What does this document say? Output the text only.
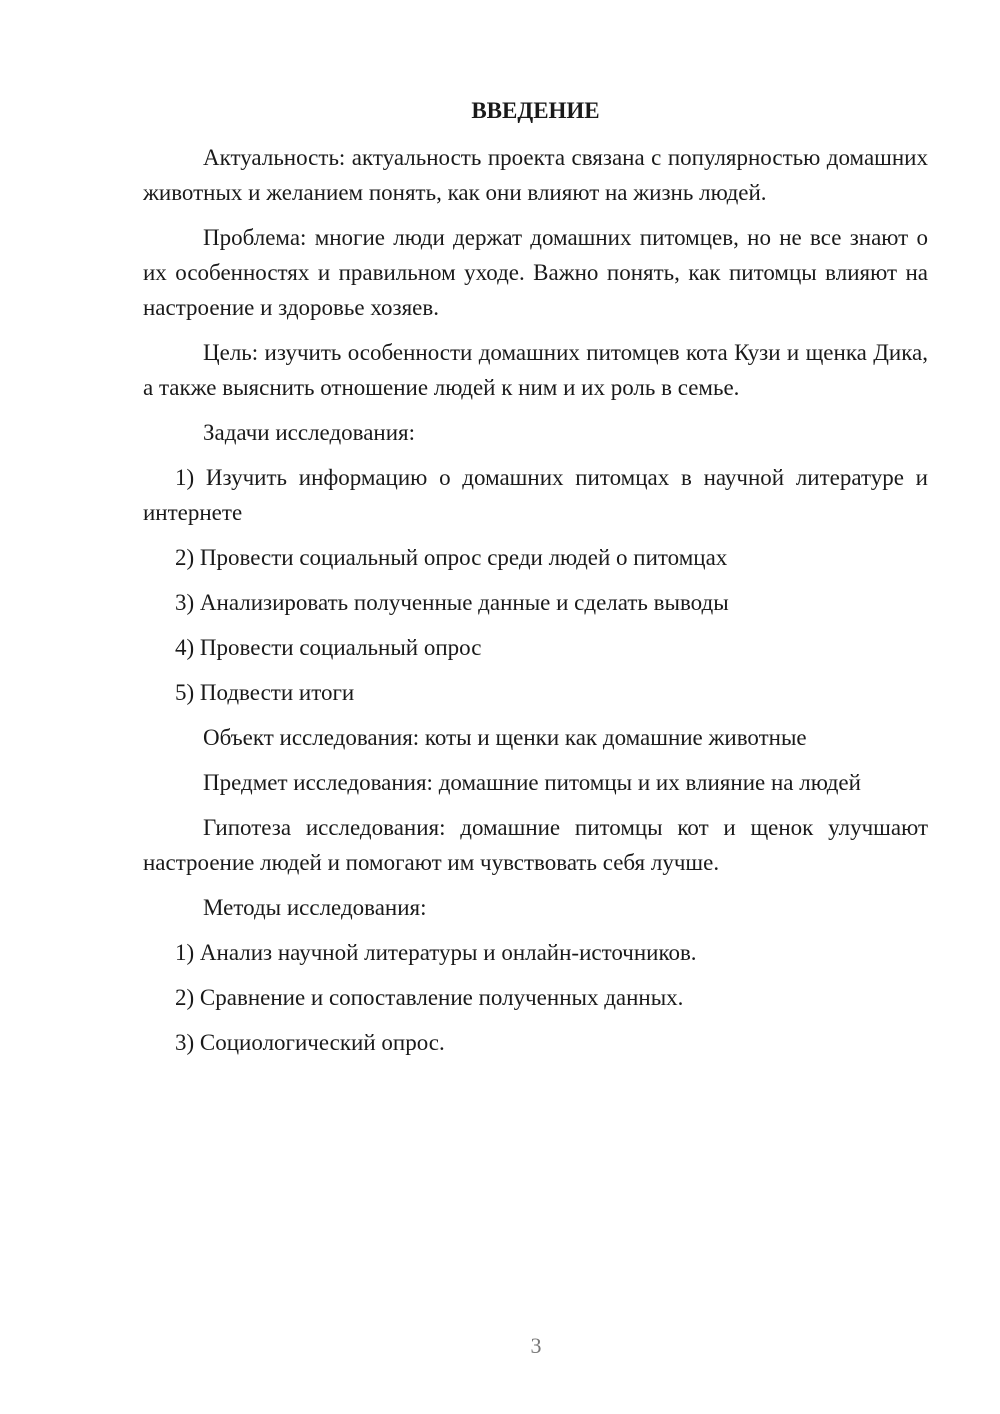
ВВЕДЕНИЕ
Актуальность: актуальность проекта связана с популярностью домашних животных и желанием понять, как они влияют на жизнь людей.
Проблема: многие люди держат домашних питомцев, но не все знают о их особенностях и правильном уходе. Важно понять, как питомцы влияют на настроение и здоровье хозяев.
Цель: изучить особенности домашних питомцев кота Кузи и щенка Дика, а также выяснить отношение людей к ним и их роль в семье.
Задачи исследования:
1) Изучить информацию о домашних питомцах в научной литературе и интернете
2) Провести социальный опрос среди людей о питомцах
3) Анализировать полученные данные и сделать выводы
4) Провести социальный опрос
5) Подвести итоги
Объект исследования: коты и щенки как домашние животные
Предмет исследования: домашние питомцы и их влияние на людей
Гипотеза исследования: домашние питомцы кот и щенок улучшают настроение людей и помогают им чувствовать себя лучше.
Методы исследования:
1) Анализ научной литературы и онлайн-источников.
2) Сравнение и сопоставление полученных данных.
3) Социологический опрос.
3
